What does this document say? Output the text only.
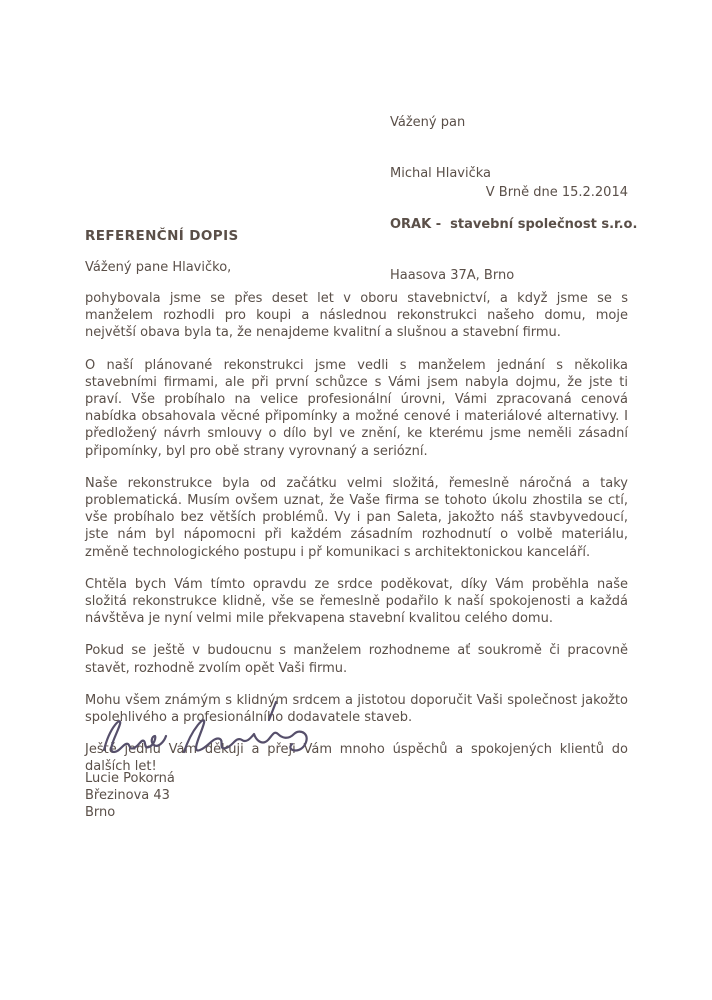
Vážený pan

Michal Hlavička

ORAK -  stavební společnost s.r.o.

Haasova 37A, Brno

V Brně dne 15.2.2014
REFERENČNÍ DOPIS
Vážený pane Hlavičko,

pohybovala jsme se přes deset let v oboru stavebnictví, a když jsme se s manželem rozhodli pro koupi a následnou rekonstrukci našeho domu, moje největší obava byla ta, že nenajdeme kvalitní a slušnou a stavební firmu.

O naší plánované rekonstrukci jsme vedli s manželem jednání s několika stavebními firmami, ale při první schůzce s Vámi jsem nabyla dojmu, že jste ti praví. Vše probíhalo na velice profesionální úrovni, Vámi zpracovaná cenová nabídka obsahovala věcné připomínky a možné cenové i materiálové alternativy. I předložený návrh smlouvy o dílo byl ve znění, ke kterému jsme neměli zásadní připomínky, byl pro obě strany vyrovnaný a seriózní.

Naše rekonstrukce byla od začátku velmi složitá, řemeslně náročná a taky problematická. Musím ovšem uznat, že Vaše firma se tohoto úkolu zhostila se ctí, vše probíhalo bez větších problémů. Vy i pan Saleta, jakožto náš stavbyvedoucí, jste nám byl nápomocni při každém zásadním rozhodnutí o volbě materiálu, změně technologického postupu i př komunikaci s architektonickou kanceláří.

Chtěla bych Vám tímto opravdu ze srdce poděkovat, díky Vám proběhla naše složitá rekonstrukce klidně, vše se řemeslně podařilo k naší spokojenosti a každá návštěva je nyní velmi mile překvapena stavební kvalitou celého domu.

Pokud se ještě v budoucnu s manželem rozhodneme ať soukromě či pracovně stavět, rozhodně zvolím opět Vaši firmu.

Mohu všem známým s klidným srdcem a jistotou doporučit Vaši společnost jakožto spolehlivého a profesionálního dodavatele staveb.

Ještě jednu Vám děkuji a přeji Vám mnoho úspěchů a spokojených klientů do dalších let!

Lucie Pokorná
Březinova 43
Brno
